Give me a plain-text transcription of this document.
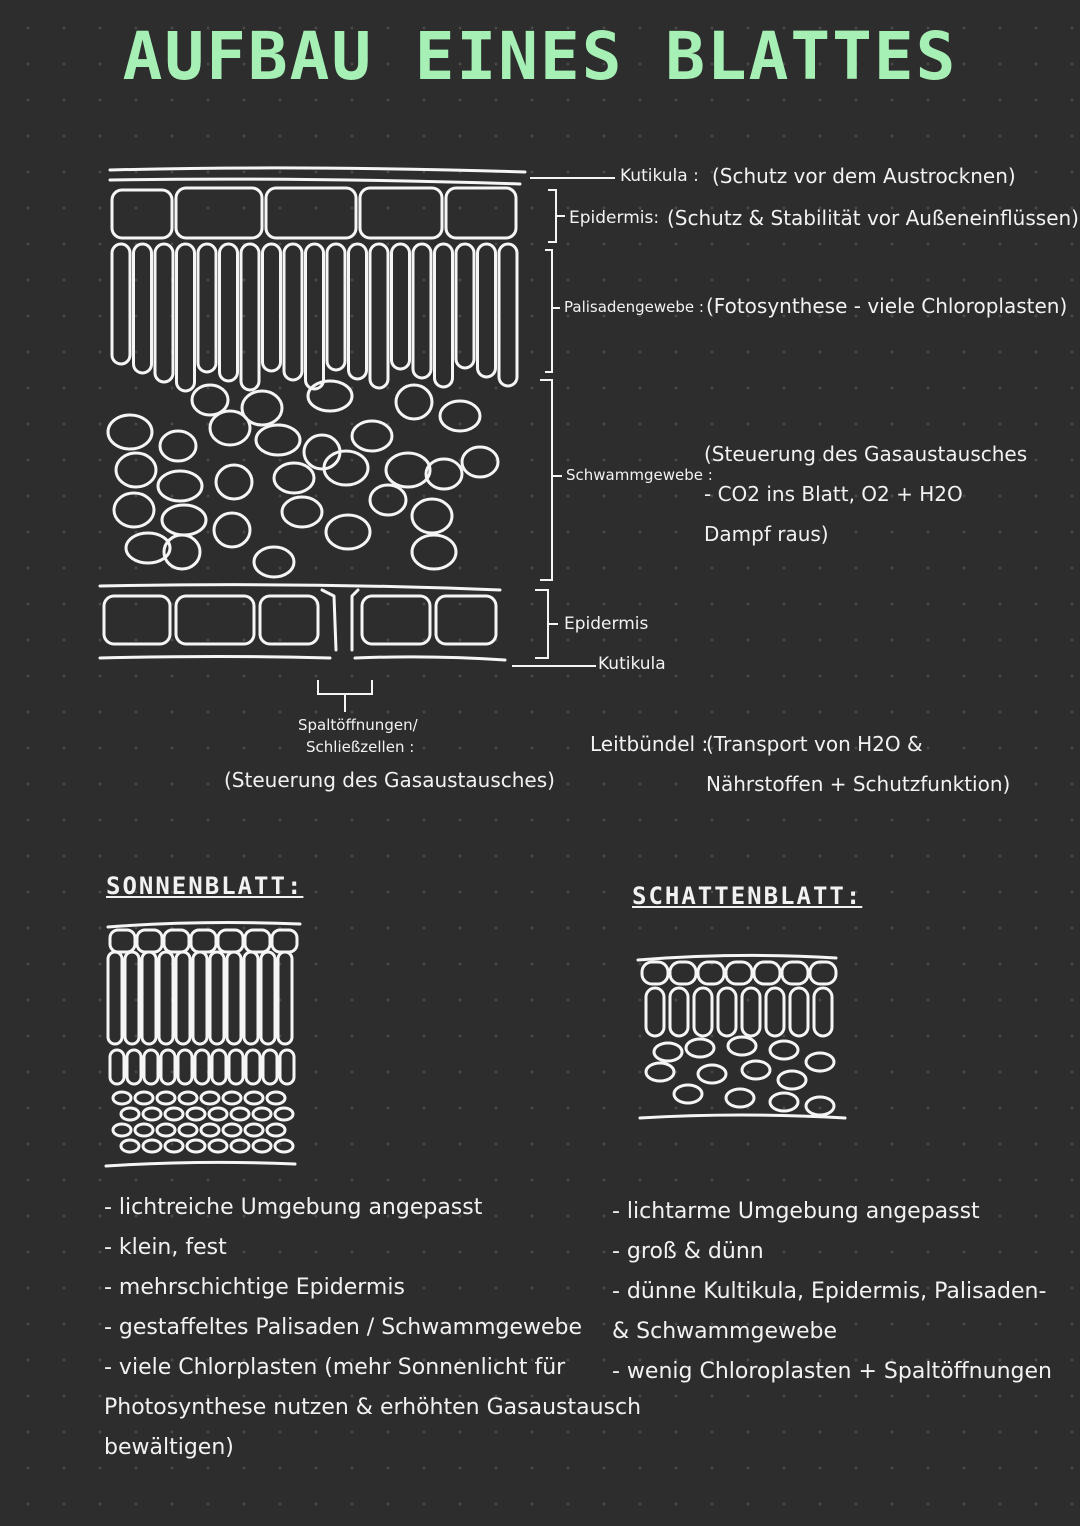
AUFBAU EINES BLATTES
Kutikula : (Schutz vor dem Austrocknen)
Epidermis: (Schutz & Stabilität vor Außeneinflüssen)
Palisadengewebe : (Fotosynthese - viele Chloroplasten)
Schwammgewebe :
(Steuerung des Gasaustausches
- CO2 ins Blatt, O2 + H2O
Dampf raus)
Epidermis
Kutikula
Spaltöffnungen/
Schließzellen :
(Steuerung des Gasaustausches)
Leitbündel :
(Transport von H2O &
Nährstoffen + Schutzfunktion)
SONNENBLATT:
- lichtreiche Umgebung angepasst
- klein, fest
- mehrschichtige Epidermis
- gestaffeltes Palisaden / Schwammgewebe
- viele Chlorplasten (mehr Sonnenlicht für
Photosynthese nutzen & erhöhten Gasaustausch
bewältigen)
SCHATTENBLATT:
- lichtarme Umgebung angepasst
- groß & dünn
- dünne Kultikula, Epidermis, Palisaden-
& Schwammgewebe
- wenig Chloroplasten + Spaltöffnungen
